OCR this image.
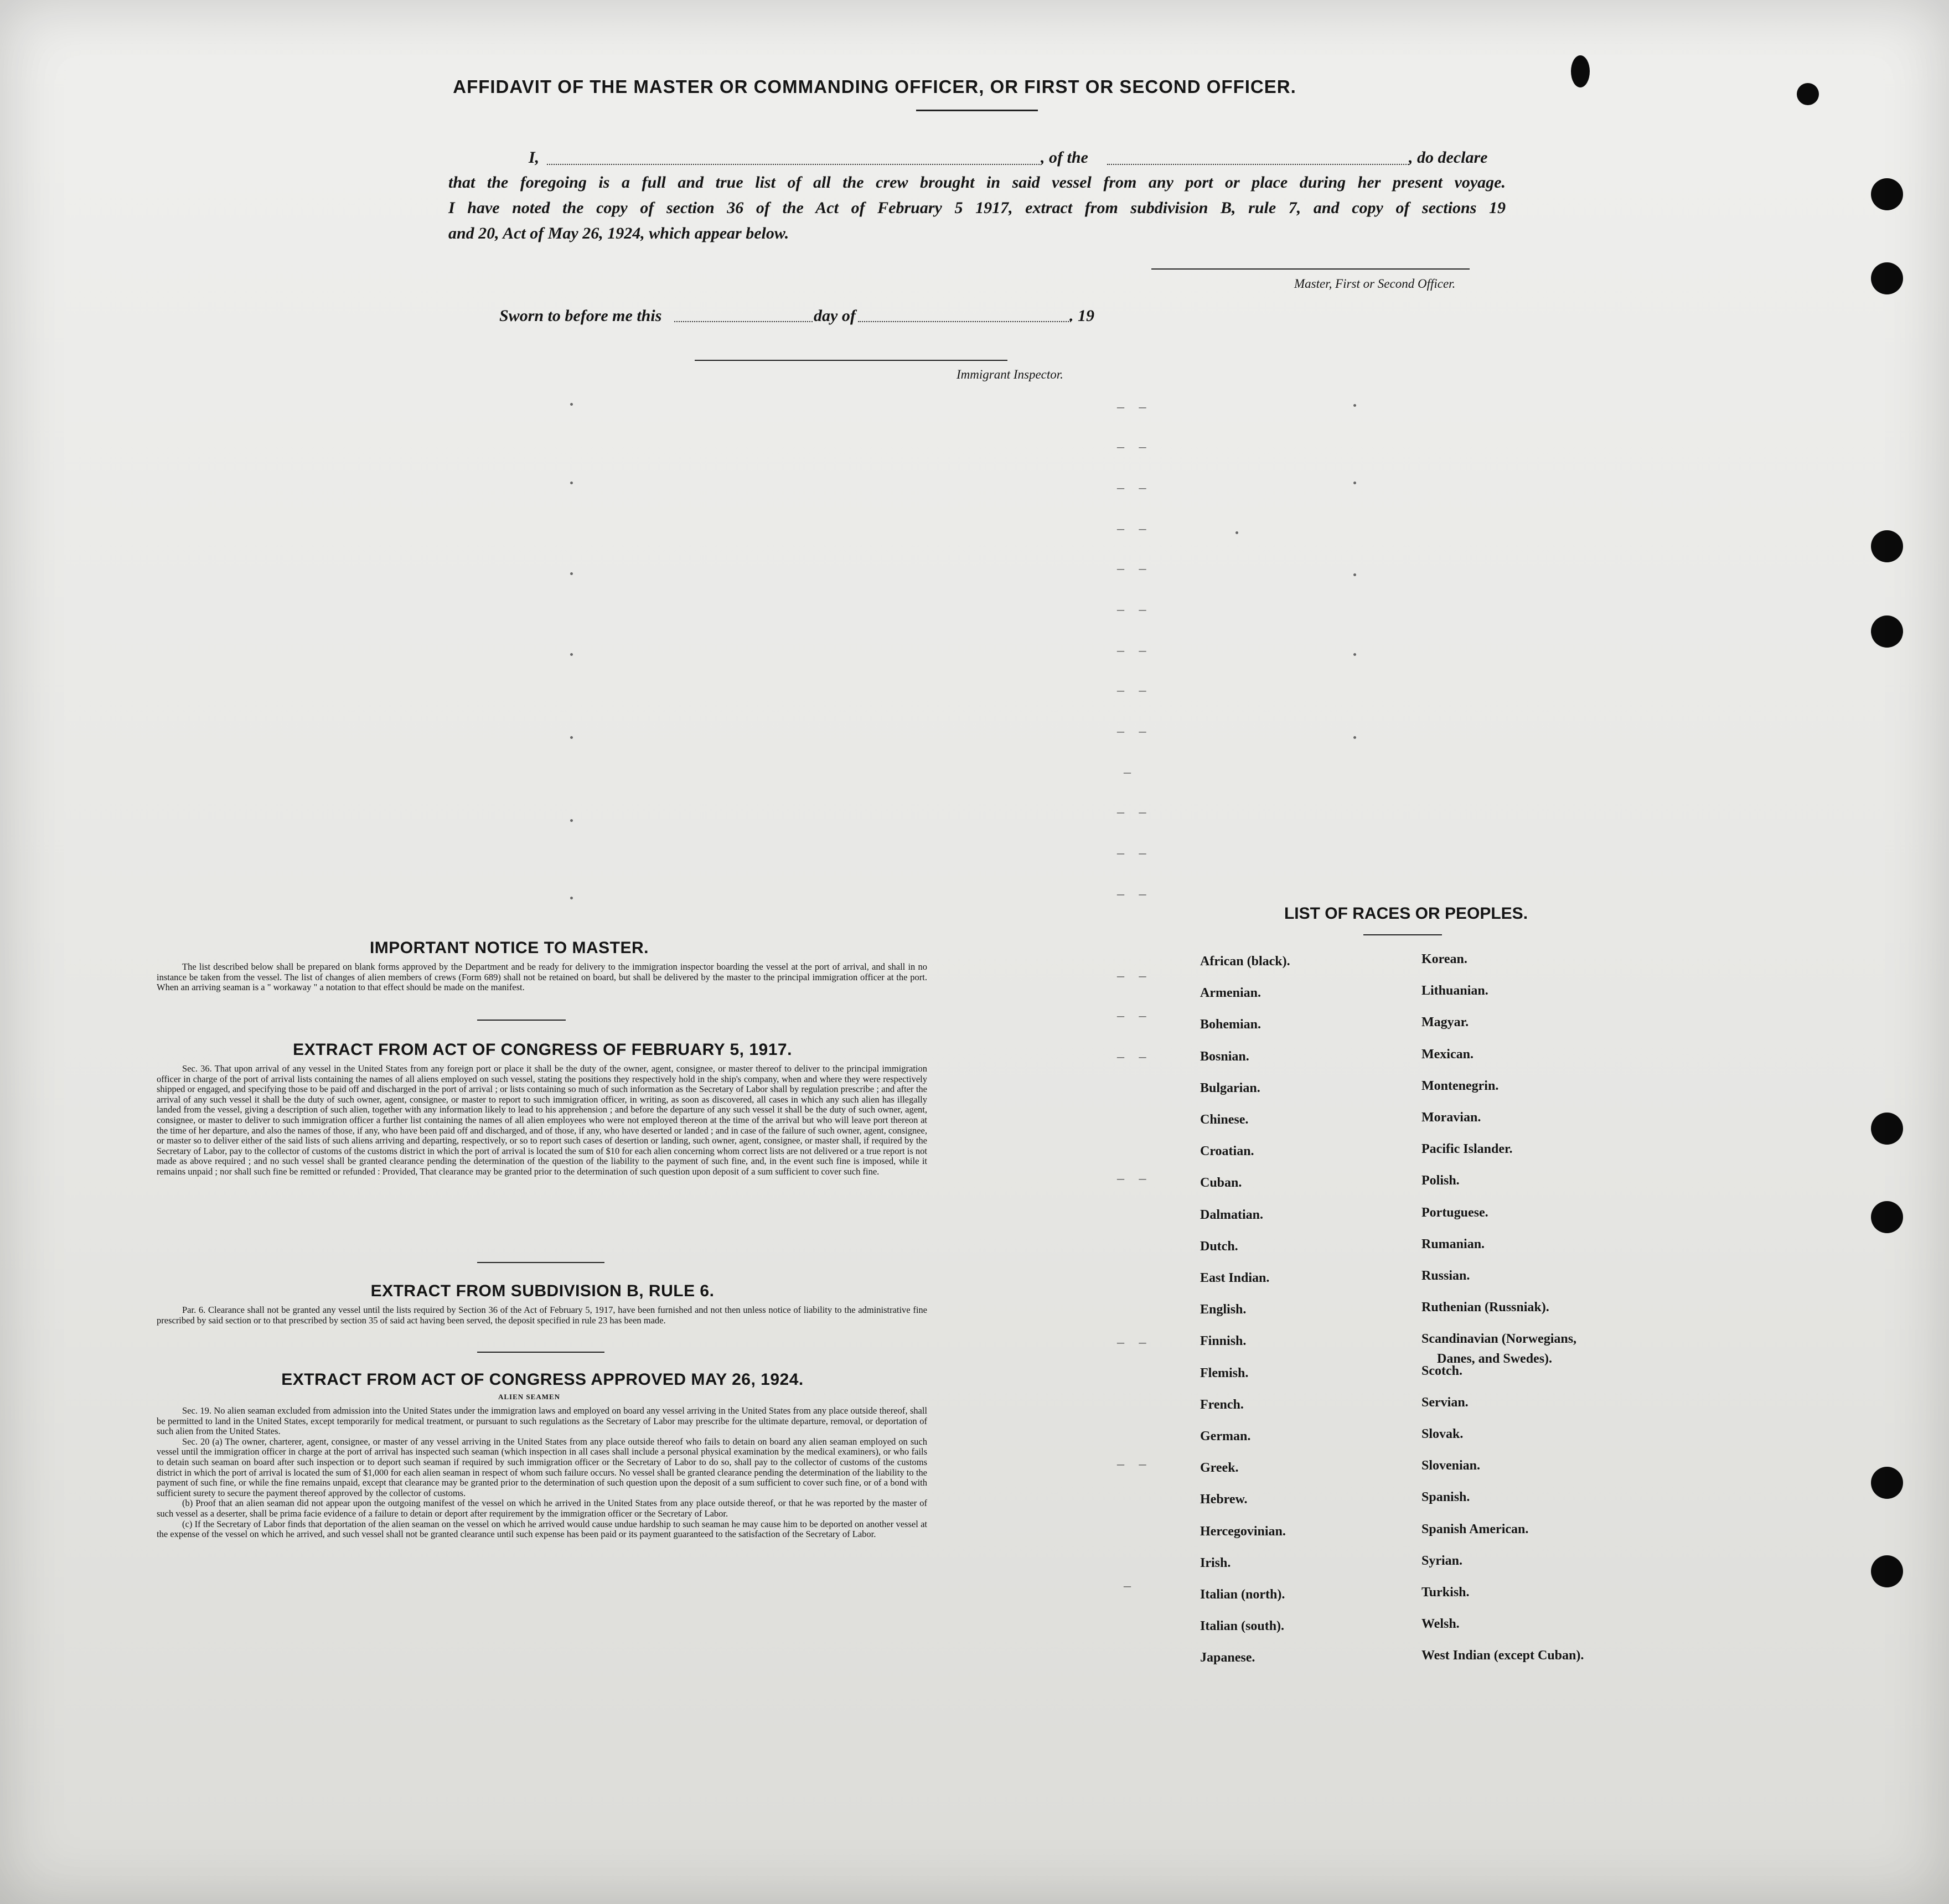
AFFIDAVIT OF THE MASTER OR COMMANDING OFFICER, OR FIRST OR SECOND OFFICER.
I,	, of the	, do declare
that the foregoing is a full and true list of all the crew brought in said vessel from any port or place during her present voyage.
I have noted the copy of section 36 of the Act of February 5 1917, extract from subdivision B, rule 7, and copy of sections 19
and 20, Act of May 26, 1924, which appear below.
Master, First or Second Officer.
Sworn to before me this	day of	. 19
Immigrant Inspector.
– –
– –
– –
– –
– –
– –
– –
– –
– –
–
– –
– –
– –
– –
– –
– –
– –
– –
– –
–
IMPORTANT NOTICE TO MASTER.

The list described below shall be prepared on blank forms approved by the Department and be ready for delivery to the immigration inspector boarding the vessel at the port of arrival, and shall in no instance be taken from the vessel. The list of changes of alien members of crews (Form 689) shall not be retained on board, but shall be delivered by the master to the principal immigration officer at the port. When an arriving seaman is a " workaway " a notation to that effect should be made on the manifest.

EXTRACT FROM ACT OF CONGRESS OF FEBRUARY 5, 1917.

Sec. 36. That upon arrival of any vessel in the United States from any foreign port or place it shall be the duty of the owner, agent, consignee, or master thereof to deliver to the principal immigration officer in charge of the port of arrival lists containing the names of all aliens employed on such vessel, stating the positions they respectively hold in the ship's company, when and where they were respectively shipped or engaged, and specifying those to be paid off and discharged in the port of arrival ; or lists containing so much of such information as the Secretary of Labor shall by regulation prescribe ; and after the arrival of any such vessel it shall be the duty of such owner, agent, consignee, or master to report to such immigration officer, in writing, as soon as discovered, all cases in which any such alien has illegally landed from the vessel, giving a description of such alien, together with any information likely to lead to his apprehension ; and before the departure of any such vessel it shall be the duty of such owner, agent, consignee, or master to deliver to such immigration officer a further list containing the names of all alien employees who were not employed thereon at the time of the arrival but who will leave port thereon at the time of her departure, and also the names of those, if any, who have been paid off and discharged, and of those, if any, who have deserted or landed ; and in case of the failure of such owner, agent, consignee, or master so to deliver either of the said lists of such aliens arriving and departing, respectively, or so to report such cases of desertion or landing, such owner, agent, consignee, or master shall, if required by the Secretary of Labor, pay to the collector of customs of the customs district in which the port of arrival is located the sum of $10 for each alien concerning whom correct lists are not delivered or a true report is not made as above required ; and no such vessel shall be granted clearance pending the determination of the question of the liability to the payment of such fine, and, in the event such fine is imposed, while it remains unpaid ; nor shall such fine be remitted or refunded : Provided, That clearance may be granted prior to the determination of such question upon deposit of a sum sufficient to cover such fine.

EXTRACT FROM SUBDIVISION B, RULE 6.

Par. 6. Clearance shall not be granted any vessel until the lists required by Section 36 of the Act of February 5, 1917, have been furnished and not then unless notice of liability to the administrative fine prescribed by said section or to that prescribed by section 35 of said act having been served, the deposit specified in rule 23 has been made.

EXTRACT FROM ACT OF CONGRESS APPROVED MAY 26, 1924.
ALIEN SEAMEN

Sec. 19. No alien seaman excluded from admission into the United States under the immigration laws and employed on board any vessel arriving in the United States from any place outside thereof, shall be permitted to land in the United States, except temporarily for medical treatment, or pursuant to such regulations as the Secretary of Labor may prescribe for the ultimate departure, removal, or deportation of such alien from the United States.

Sec. 20 (a) The owner, charterer, agent, consignee, or master of any vessel arriving in the United States from any place outside thereof who fails to detain on board any alien seaman employed on such vessel until the immigration officer in charge at the port of arrival has inspected such seaman (which inspection in all cases shall include a personal physical examination by the medical examiners), or who fails to detain such seaman on board after such inspection or to deport such seaman if required by such immigration officer or the Secretary of Labor to do so, shall pay to the collector of customs of the customs district in which the port of arrival is located the sum of $1,000 for each alien seaman in respect of whom such failure occurs. No vessel shall be granted clearance pending the determination of the liability to the payment of such fine, or while the fine remains unpaid, except that clearance may be granted prior to the determination of such question upon the deposit of a sum sufficient to cover such fine, or of a bond with sufficient surety to secure the payment thereof approved by the collector of customs.

(b) Proof that an alien seaman did not appear upon the outgoing manifest of the vessel on which he arrived in the United States from any place outside thereof, or that he was reported by the master of such vessel as a deserter, shall be prima facie evidence of a failure to detain or deport after requirement by the immigration officer or the Secretary of Labor.

(c) If the Secretary of Labor finds that deportation of the alien seaman on the vessel on which he arrived would cause undue hardship to such seaman he may cause him to be deported on another vessel at the expense of the vessel on which he arrived, and such vessel shall not be granted clearance until such expense has been paid or its payment guaranteed to the satisfaction of the Secretary of Labor.

LIST OF RACES OR PEOPLES.
African (black).
Armenian.
Bohemian.
Bosnian.
Bulgarian.
Chinese.
Croatian.
Cuban.
Dalmatian.
Dutch.
East Indian.
English.
Finnish.
Flemish.
French.
German.
Greek.
Hebrew.
Hercegovinian.
Irish.
Italian (north).
Italian (south).
Japanese.
Korean.
Lithuanian.
Magyar.
Mexican.
Montenegrin.
Moravian.
Pacific Islander.
Polish.
Portuguese.
Rumanian.
Russian.
Ruthenian (Russniak).
Scandinavian (Norwegians,
Scotch.
Servian.
Slovak.
Slovenian.
Spanish.
Spanish American.
Syrian.
Turkish.
Welsh.
West Indian (except Cuban).
Danes, and Swedes).
